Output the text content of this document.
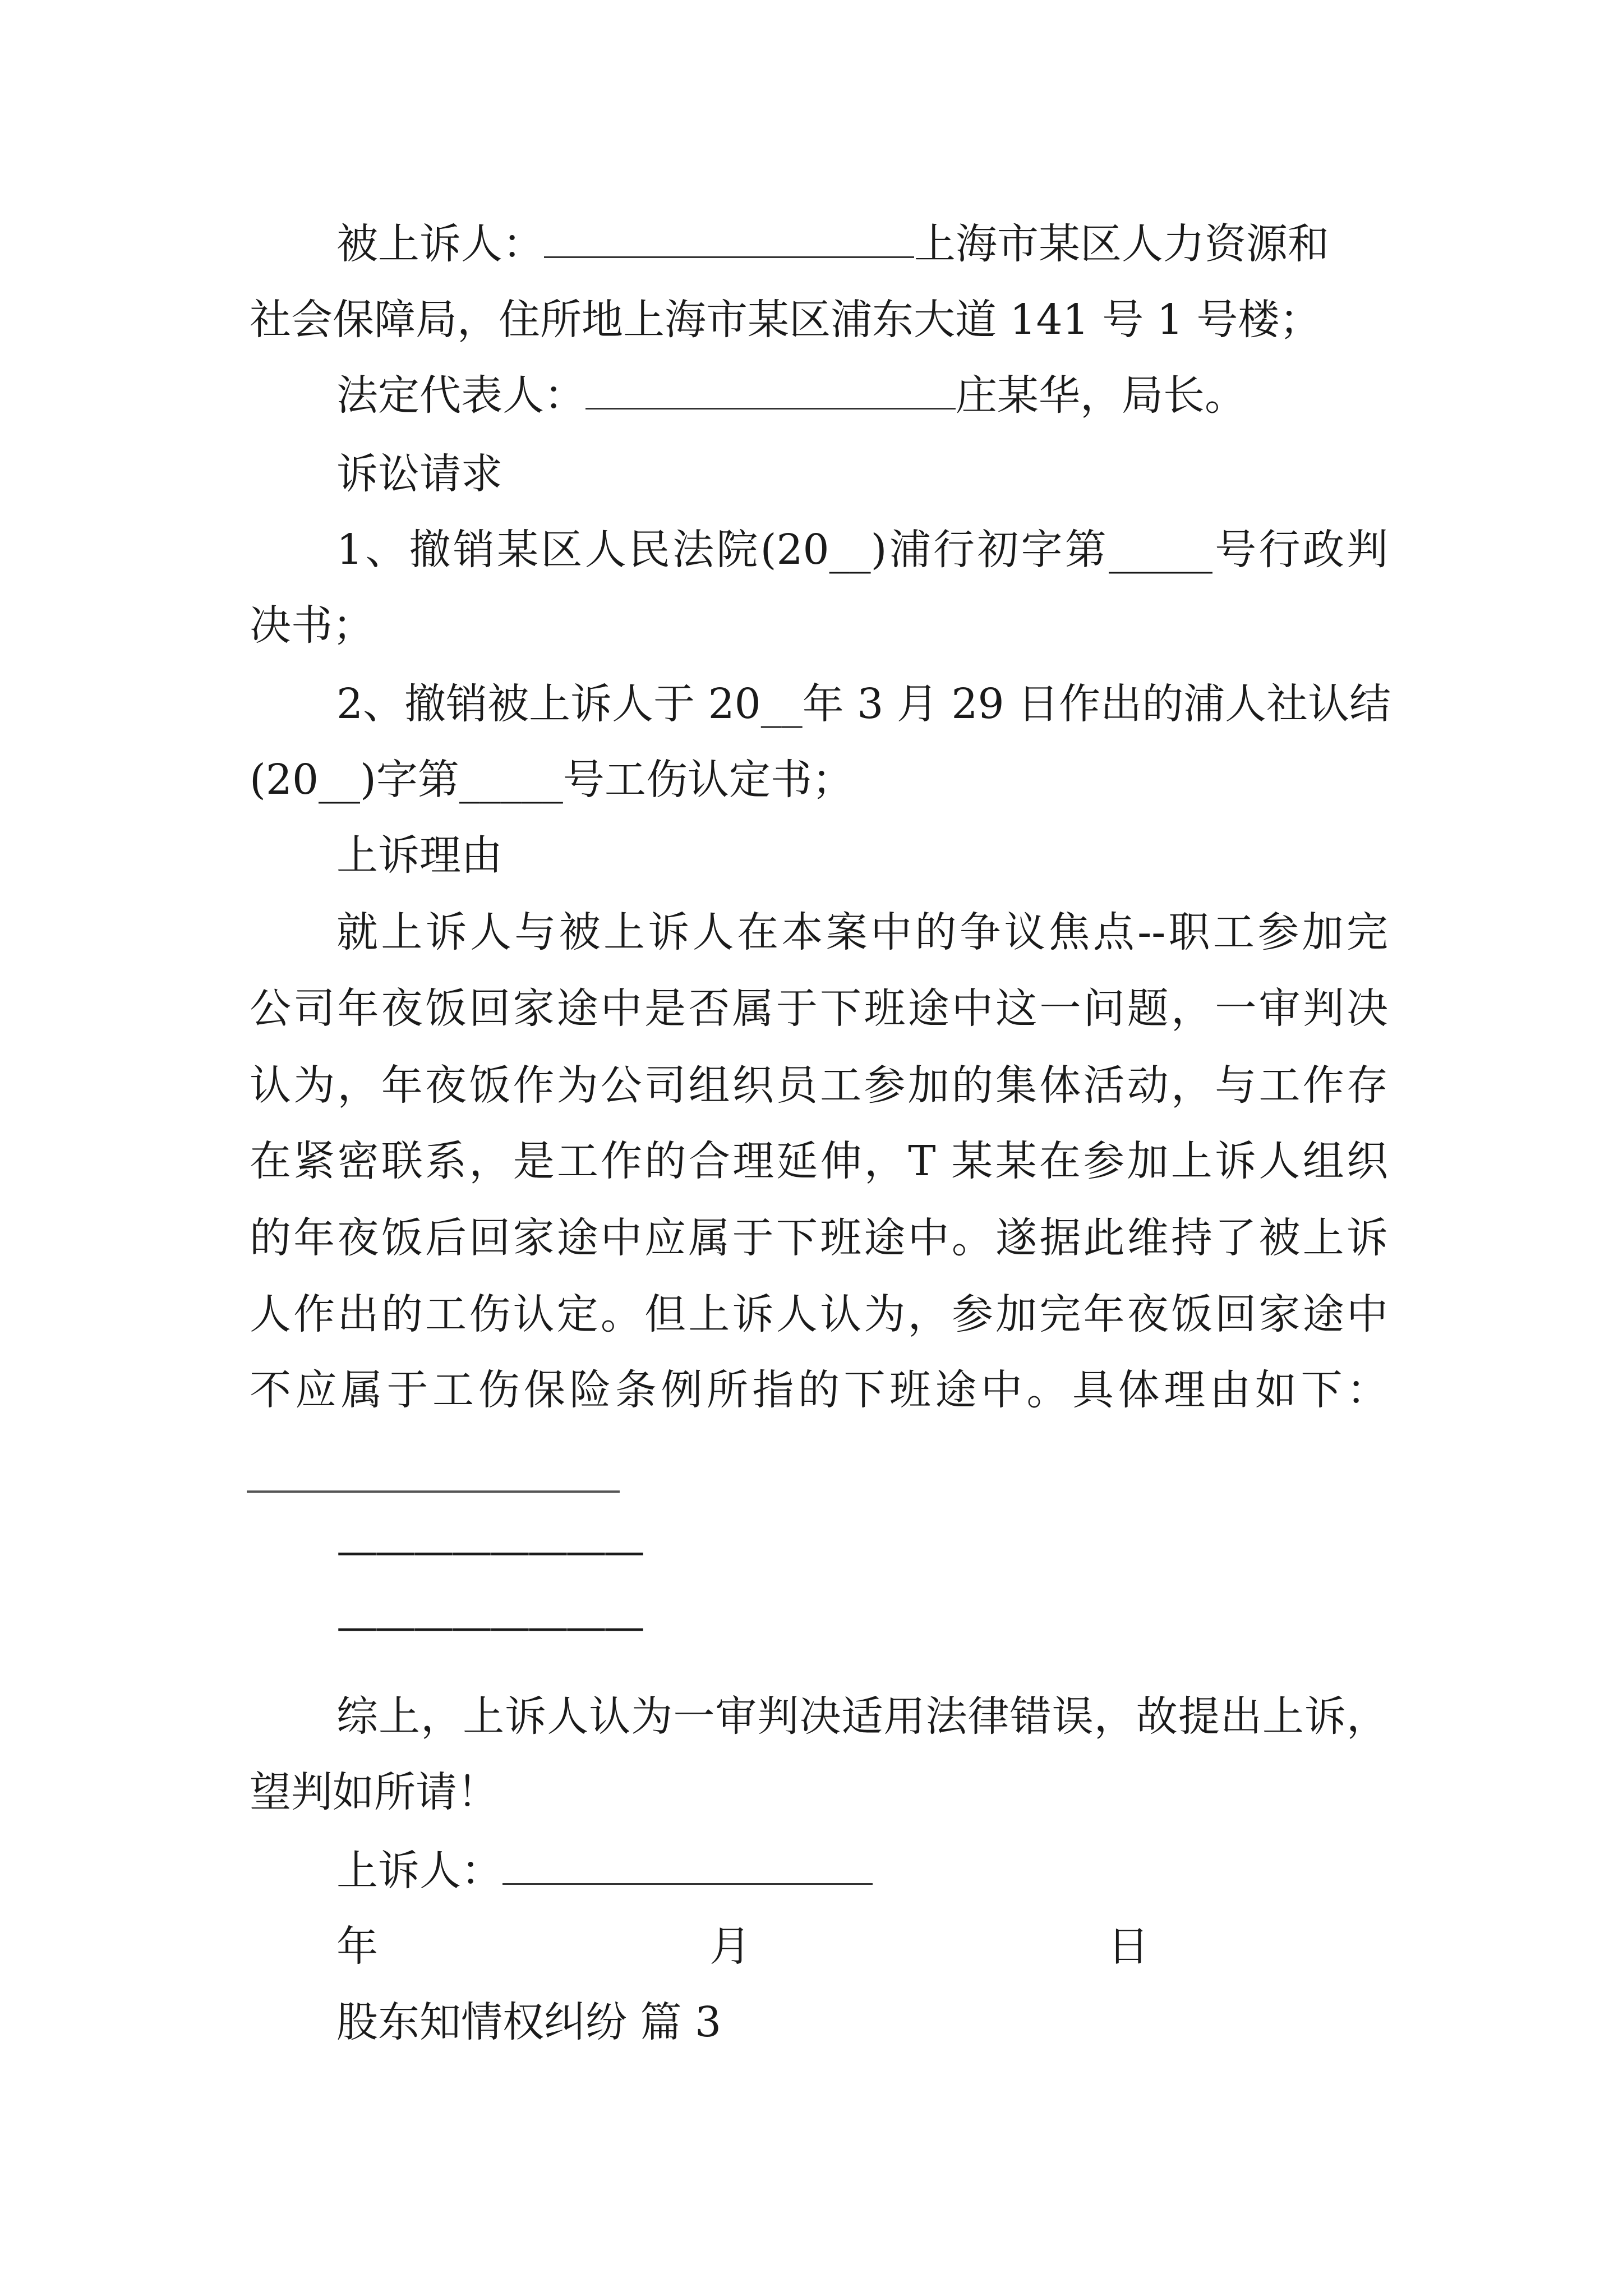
被上诉人：	上海市某区人力资源和
社会保障局，住所地上海市某区浦东大道 141 号 1 号楼；
法定代表人：	庄某华，局长。
诉讼请求
1、撤销某区人民法院(20__)浦行初字第_____号行政判
决书；
2、撤销被上诉人于 20__年 3 月 29 日作出的浦人社认结
(20__)字第_____号工伤认定书；
上诉理由
就上诉人与被上诉人在本案中的争议焦点--职工参加完
公司年夜饭回家途中是否属于下班途中这一问题，一审判决
认为，年夜饭作为公司组织员工参加的集体活动，与工作存
在紧密联系，是工作的合理延伸，T 某某在参加上诉人组织
的年夜饭后回家途中应属于下班途中。遂据此维持了被上诉
人作出的工伤认定。但上诉人认为，参加完年夜饭回家途中
不应属于工伤保险条例所指的下班途中。具体理由如下：
————————
————————
综上，上诉人认为一审判决适用法律错误，故提出上诉，
望判如所请！
上诉人：
年	月	日
股东知情权纠纷 篇 3
